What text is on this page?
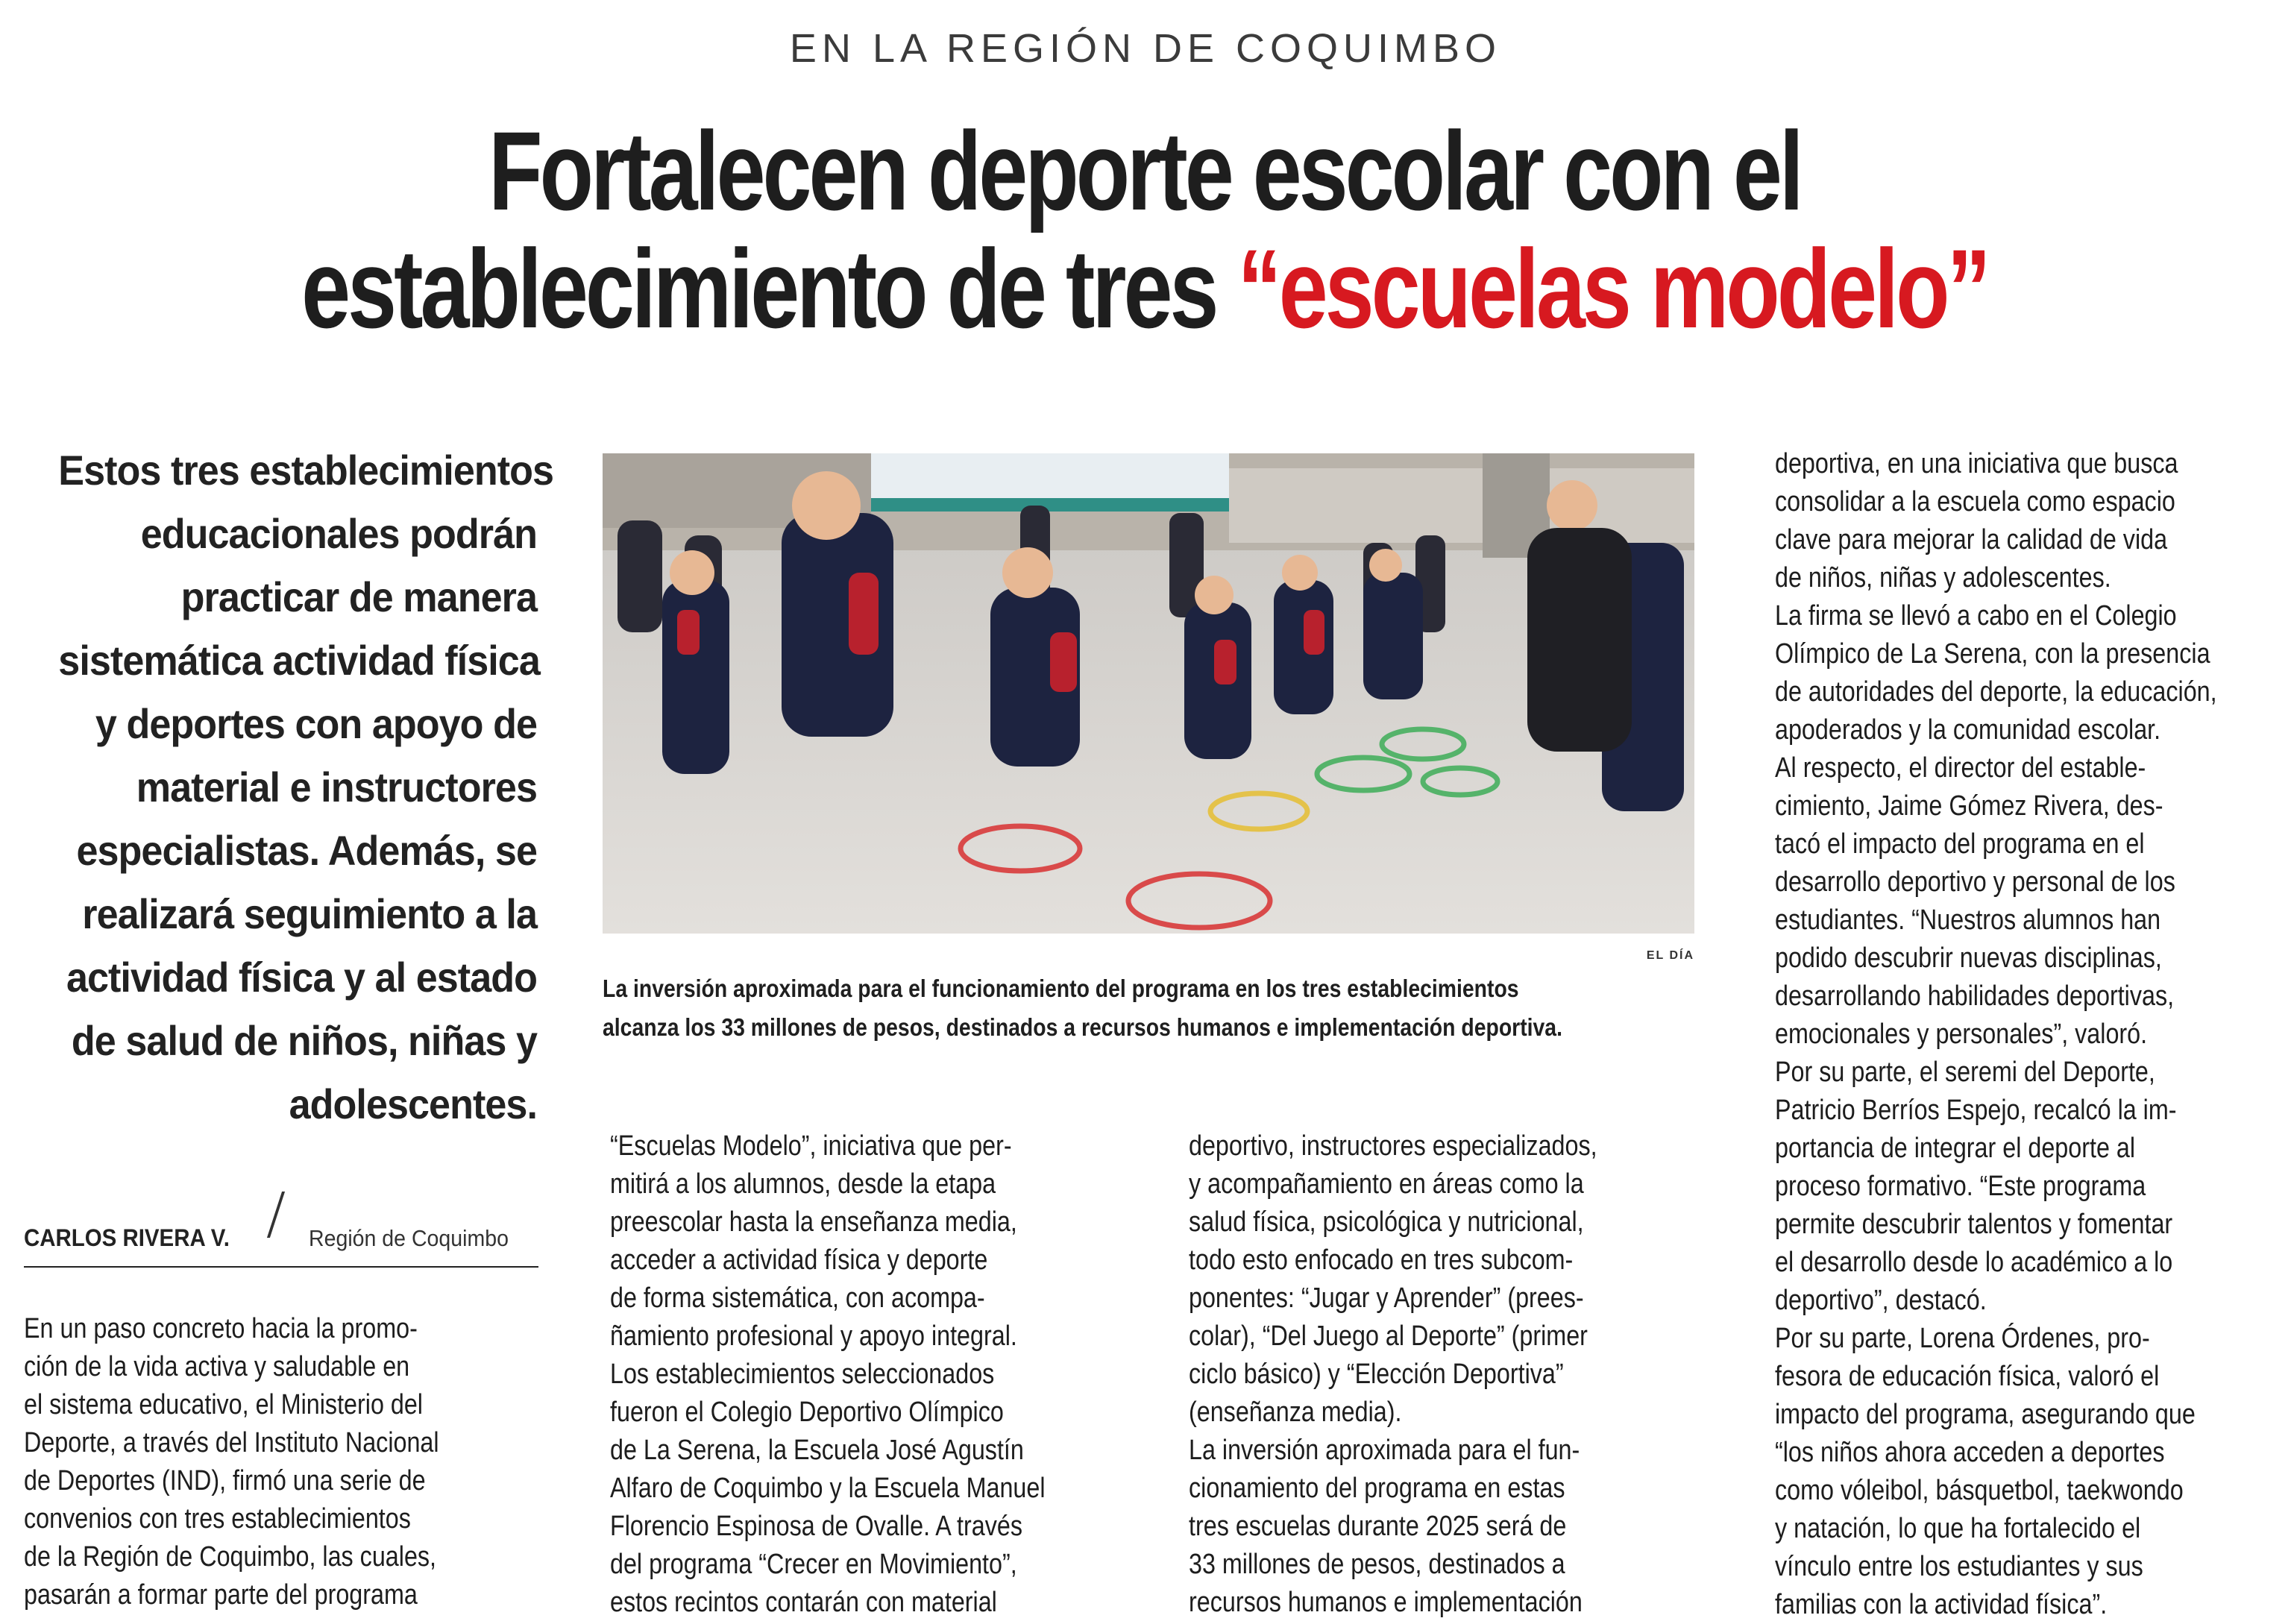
EN LA REGIÓN DE COQUIMBO
Fortalecen deporte escolar con el
establecimiento de tres “escuelas modelo”
Estos tres establecimientos
educacionales podrán
practicar de manera
sistemática actividad física
y deportes con apoyo de
material e instructores
especialistas. Además, se
realizará seguimiento a la
actividad física y al estado
de salud de niños, niñas y
adolescentes.
EL DÍA
La inversión aproximada para el funcionamiento del programa en los tres establecimientos
alcanza los 33 millones de pesos, destinados a recursos humanos e implementación deportiva.
CARLOS RIVERA V.	Región de Coquimbo
En un paso concreto hacia la promo-
ción de la vida activa y saludable en
el sistema educativo, el Ministerio del
Deporte, a través del Instituto Nacional
de Deportes (IND), firmó una serie de
convenios con tres establecimientos
de la Región de Coquimbo, las cuales,
pasarán a formar parte del programa
“Escuelas Modelo”, iniciativa que per-
mitirá a los alumnos, desde la etapa
preescolar hasta la enseñanza media,
acceder a actividad física y deporte
de forma sistemática, con acompa-
ñamiento profesional y apoyo integral.
Los establecimientos seleccionados
fueron el Colegio Deportivo Olímpico
de La Serena, la Escuela José Agustín
Alfaro de Coquimbo y la Escuela Manuel
Florencio Espinosa de Ovalle. A través
del programa “Crecer en Movimiento”,
estos recintos contarán con material
deportivo, instructores especializados,
y acompañamiento en áreas como la
salud física, psicológica y nutricional,
todo esto enfocado en tres subcom-
ponentes: “Jugar y Aprender” (prees-
colar), “Del Juego al Deporte” (primer
ciclo básico) y “Elección Deportiva”
(enseñanza media).
La inversión aproximada para el fun-
cionamiento del programa en estas
tres escuelas durante 2025 será de
33 millones de pesos, destinados a
recursos humanos e implementación
deportiva, en una iniciativa que busca
consolidar a la escuela como espacio
clave para mejorar la calidad de vida
de niños, niñas y adolescentes.
La firma se llevó a cabo en el Colegio
Olímpico de La Serena, con la presencia
de autoridades del deporte, la educación,
apoderados y la comunidad escolar.
Al respecto, el director del estable-
cimiento, Jaime Gómez Rivera, des-
tacó el impacto del programa en el
desarrollo deportivo y personal de los
estudiantes. “Nuestros alumnos han
podido descubrir nuevas disciplinas,
desarrollando habilidades deportivas,
emocionales y personales”, valoró.
Por su parte, el seremi del Deporte,
Patricio Berríos Espejo, recalcó la im-
portancia de integrar el deporte al
proceso formativo. “Este programa
permite descubrir talentos y fomentar
el desarrollo desde lo académico a lo
deportivo”, destacó.
Por su parte, Lorena Órdenes, pro-
fesora de educación física, valoró el
impacto del programa, asegurando que
“los niños ahora acceden a deportes
como vóleibol, básquetbol, taekwondo
y natación, lo que ha fortalecido el
vínculo entre los estudiantes y sus
familias con la actividad física”.
